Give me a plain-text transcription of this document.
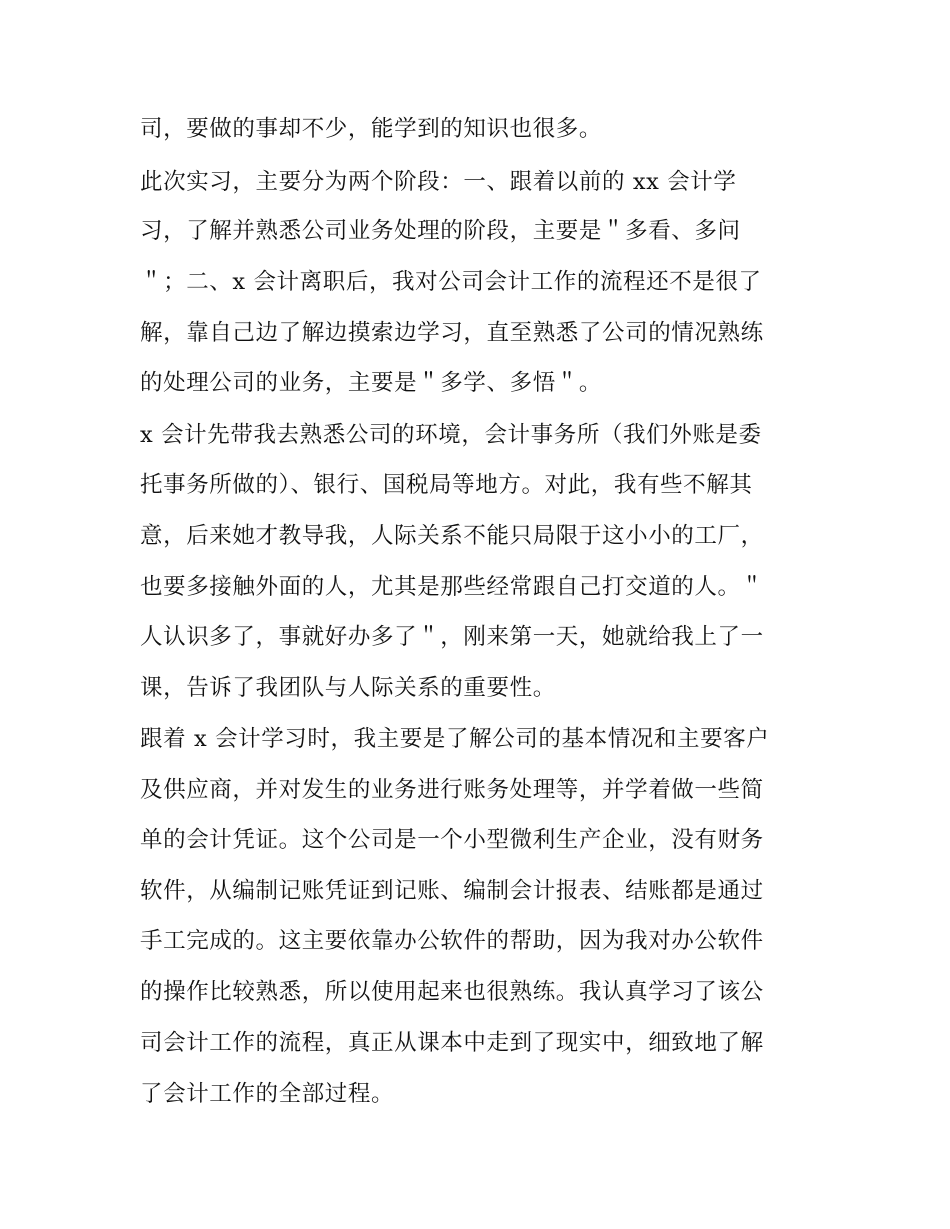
司，要做的事却不少，能学到的知识也很多。
此次实习，主要分为两个阶段：一、跟着以前的 xx 会计学
习，了解并熟悉公司业务处理的阶段，主要是＂多看、多问
＂；二、x 会计离职后，我对公司会计工作的流程还不是很了
解，靠自己边了解边摸索边学习，直至熟悉了公司的情况熟练
的处理公司的业务，主要是＂多学、多悟＂。
x 会计先带我去熟悉公司的环境，会计事务所（我们外账是委
托事务所做的）、银行、国税局等地方。对此，我有些不解其
意，后来她才教导我，人际关系不能只局限于这小小的工厂，
也要多接触外面的人，尤其是那些经常跟自己打交道的人。＂
人认识多了，事就好办多了＂，刚来第一天，她就给我上了一
课，告诉了我团队与人际关系的重要性。
跟着 x 会计学习时，我主要是了解公司的基本情况和主要客户
及供应商，并对发生的业务进行账务处理等，并学着做一些简
单的会计凭证。这个公司是一个小型微利生产企业，没有财务
软件，从编制记账凭证到记账、编制会计报表、结账都是通过
手工完成的。这主要依靠办公软件的帮助，因为我对办公软件
的操作比较熟悉，所以使用起来也很熟练。我认真学习了该公
司会计工作的流程，真正从课本中走到了现实中，细致地了解
了会计工作的全部过程。
